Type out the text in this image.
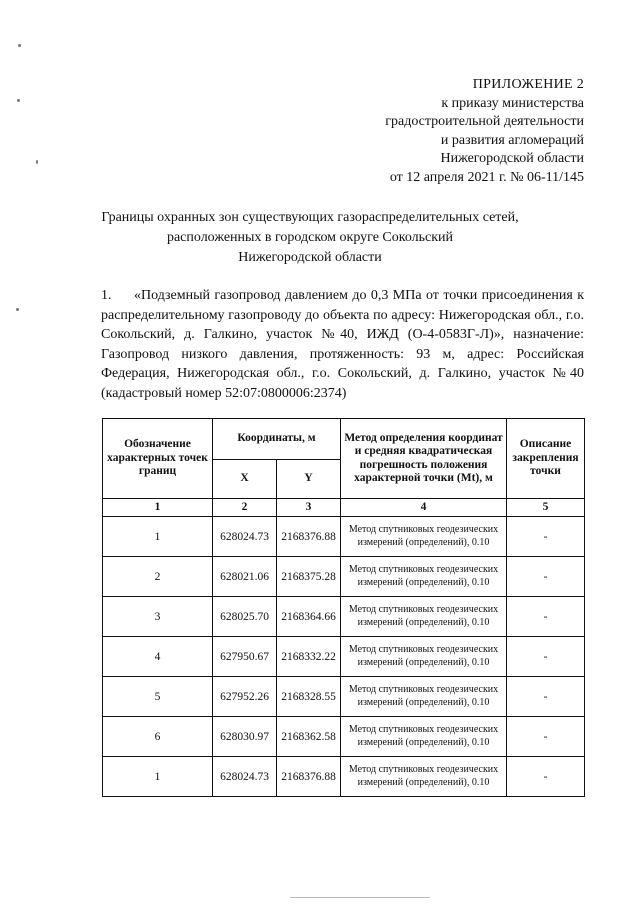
ПРИЛОЖЕНИЕ 2
к приказу министерства
градостроительной деятельности
и развития агломераций
Нижегородской области
от 12 апреля 2021 г. № 06-11/145
Границы охранных зон существующих газораспределительных сетей,
расположенных в городском округе Сокольский
Нижегородской области

1. «Подземный газопровод давлением до 0,3 МПа от точки присоединения к распределительному газопроводу до объекта по адресу: Нижегородская обл., г.о. Сокольский, д. Галкино, участок №40, ИЖД (О-4-0583Г-Л)», назначение: Газопровод низкого давления, протяженность: 93 м, адрес: Российская Федерация, Нижегородская обл., г.о. Сокольский, д. Галкино, участок №40 (кадастровый номер 52:07:0800006:2374)

Обозначение характерных точек границ	Координаты, м		Метод определения координат и средняя квадратическая погрешность положения характерной точки (Mt), м	Описание закрепления точки
	X	Y		
1	2	3	4	5
1	628024.73	2168376.88	Метод спутниковых геодезических измерений (определений), 0.10	-
2	628021.06	2168375.28	Метод спутниковых геодезических измерений (определений), 0.10	-
3	628025.70	2168364.66	Метод спутниковых геодезических измерений (определений), 0.10	-
4	627950.67	2168332.22	Метод спутниковых геодезических измерений (определений), 0.10	-
5	627952.26	2168328.55	Метод спутниковых геодезических измерений (определений), 0.10	-
6	628030.97	2168362.58	Метод спутниковых геодезических измерений (определений), 0.10	-
1	628024.73	2168376.88	Метод спутниковых геодезических измерений (определений), 0.10	-
